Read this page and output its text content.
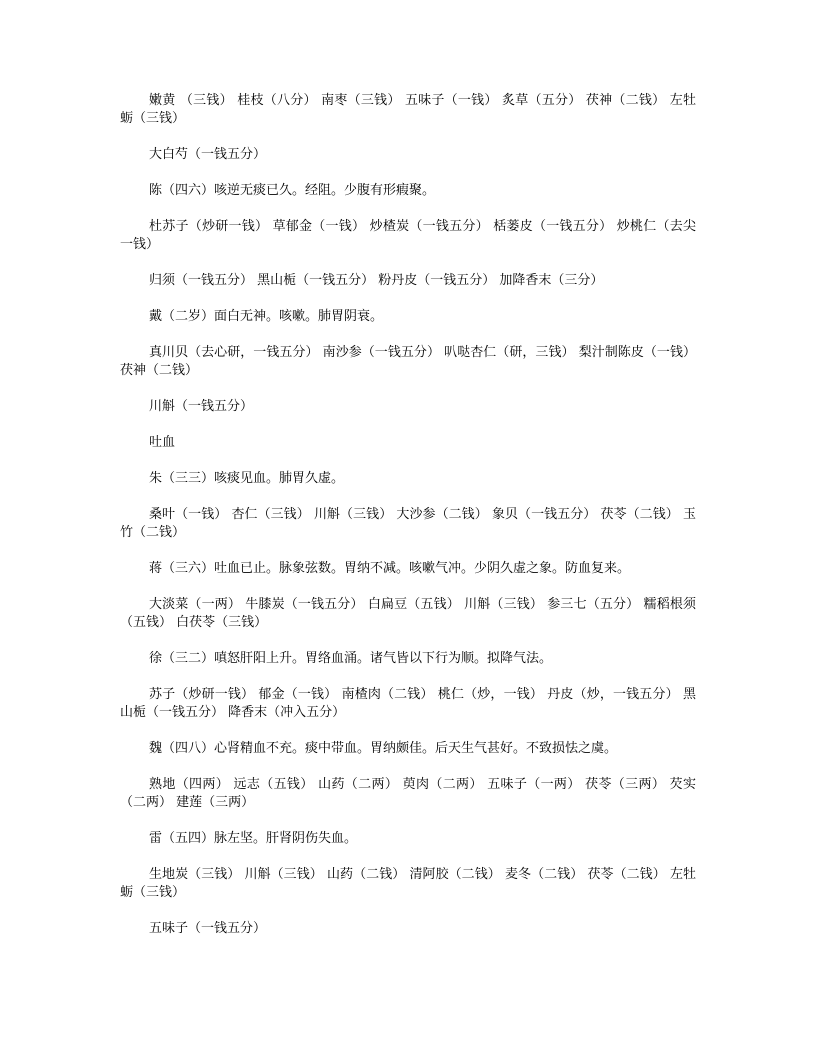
嫩黄 （三钱） 桂枝（八分） 南枣（三钱） 五味子（一钱） 炙草（五分） 茯神（二钱） 左牡蛎（三钱）

大白芍（一钱五分）

陈（四六）咳逆无痰已久。经阻。少腹有形瘕聚。

杜苏子（炒研一钱） 草郁金（一钱） 炒楂炭（一钱五分） 栝蒌皮（一钱五分） 炒桃仁（去尖一钱）

归须（一钱五分） 黑山栀（一钱五分） 粉丹皮（一钱五分） 加降香末（三分）

戴（二岁）面白无神。咳嗽。肺胃阴衰。

真川贝（去心研，一钱五分） 南沙参（一钱五分） 叭哒杏仁（研，三钱） 梨汁制陈皮（一钱） 茯神（二钱）

川斛（一钱五分）

吐血

朱（三三）咳痰见血。肺胃久虚。

桑叶（一钱） 杏仁（三钱） 川斛（三钱） 大沙参（二钱） 象贝（一钱五分） 茯苓（二钱） 玉竹（二钱）

蒋（三六）吐血已止。脉象弦数。胃纳不减。咳嗽气冲。少阴久虚之象。防血复来。

大淡菜（一两） 牛膝炭（一钱五分） 白扁豆（五钱） 川斛（三钱） 参三七（五分） 糯稻根须（五钱） 白茯苓（三钱）

徐（三二）嗔怒肝阳上升。胃络血涌。诸气皆以下行为顺。拟降气法。

苏子（炒研一钱） 郁金（一钱） 南楂肉（二钱） 桃仁（炒，一钱） 丹皮（炒，一钱五分） 黑山栀（一钱五分） 降香末（冲入五分）

魏（四八）心肾精血不充。痰中带血。胃纳颇佳。后天生气甚好。不致损怯之虞。

熟地（四两） 远志（五钱） 山药（二两） 萸肉（二两） 五味子（一两） 茯苓（三两） 芡实（二两） 建莲（三两）

雷（五四）脉左坚。肝肾阴伤失血。

生地炭（三钱） 川斛（三钱） 山药（二钱） 清阿胶（二钱） 麦冬（二钱） 茯苓（二钱） 左牡蛎（三钱）

五味子（一钱五分）
